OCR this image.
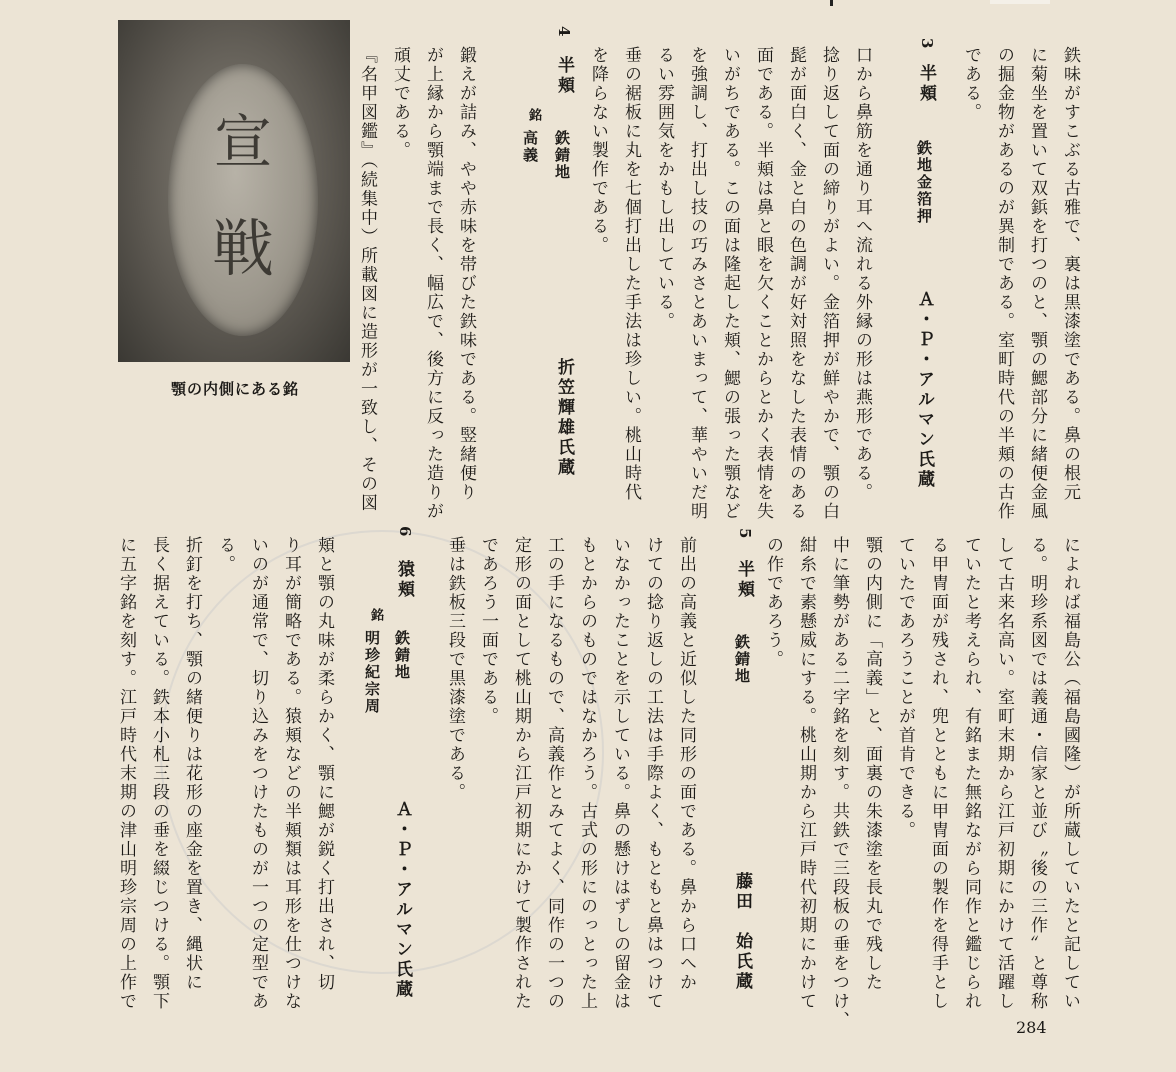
宣
戦
顎の内側にある銘	鉄味がすこぶる古雅で、裏は黒漆塗である。鼻の根元
に菊坐を置いて双鋲を打つのと、顎の鰓部分に緒便金風
の掘金物があるのが異制である。室町時代の半頬の古作
である。
3
半頬
鉄地金箔押
Ａ・Ｐ・アルマン氏蔵
口から鼻筋を通り耳へ流れる外縁の形は燕形である。
捻り返して面の締りがよい。金箔押が鮮やかで、顎の白
髭が面白く、金と白の色調が好対照をなした表情のある
面である。半頬は鼻と眼を欠くことからとかく表情を失
いがちである。この面は隆起した頬、鰓の張った顎など
を強調し、打出し技の巧みさとあいまって、華やいだ明
るい雰囲気をかもし出している。
垂の裾板に丸を七個打出した手法は珍しい。桃山時代
を降らない製作である。
4
半頬
鉄錆地
銘
高義
折笠輝雄氏蔵
鍛えが詰み、やや赤味を帯びた鉄味である。竪緒便り
が上縁から顎端まで長く、幅広で、後方に反った造りが
頑丈である。
『名甲図鑑』（続集中）所載図に造形が一致し、その図
によれば福島公（福島國隆）が所蔵していたと記してい
る。明珍系図では義通・信家と並び〝後の三作〟と尊称
して古来名高い。室町末期から江戸初期にかけて活躍し
ていたと考えられ、有銘また無銘ながら同作と鑑じられ
る甲冑面が残され、兜とともに甲冑面の製作を得手とし
ていたであろうことが首肯できる。
顎の内側に「高義」と、面裏の朱漆塗を長丸で残した
中に筆勢がある二字銘を刻す。共鉄で三段板の垂をつけ、
紺糸で素懸威にする。桃山期から江戸時代初期にかけて
の作であろう。
5
半頬
鉄錆地
藤田　始氏蔵
前出の高義と近似した同形の面である。鼻から口へか
けての捻り返しの工法は手際よく、もともと鼻はつけて
いなかったことを示している。鼻の懸けはずしの留金は
もとからのものではなかろう。古式の形にのっとった上
工の手になるもので、高義作とみてよく、同作の一つの
定形の面として桃山期から江戸初期にかけて製作された
であろう一面である。
垂は鉄板三段で黒漆塗である。
6
猿頬
鉄錆地
銘
明珍紀宗周
Ａ・Ｐ・アルマン氏蔵
頬と顎の丸味が柔らかく、顎に鰓が鋭く打出され、切
り耳が簡略である。猿頬などの半頬類は耳形を仕つけな
いのが通常で、切り込みをつけたものが一つの定型であ
る。
折釘を打ち、顎の緒便りは花形の座金を置き、縄状に
長く据えている。鉄本小札三段の垂を綴じつける。顎下
に五字銘を刻す。江戸時代末期の津山明珍宗周の上作で
284
